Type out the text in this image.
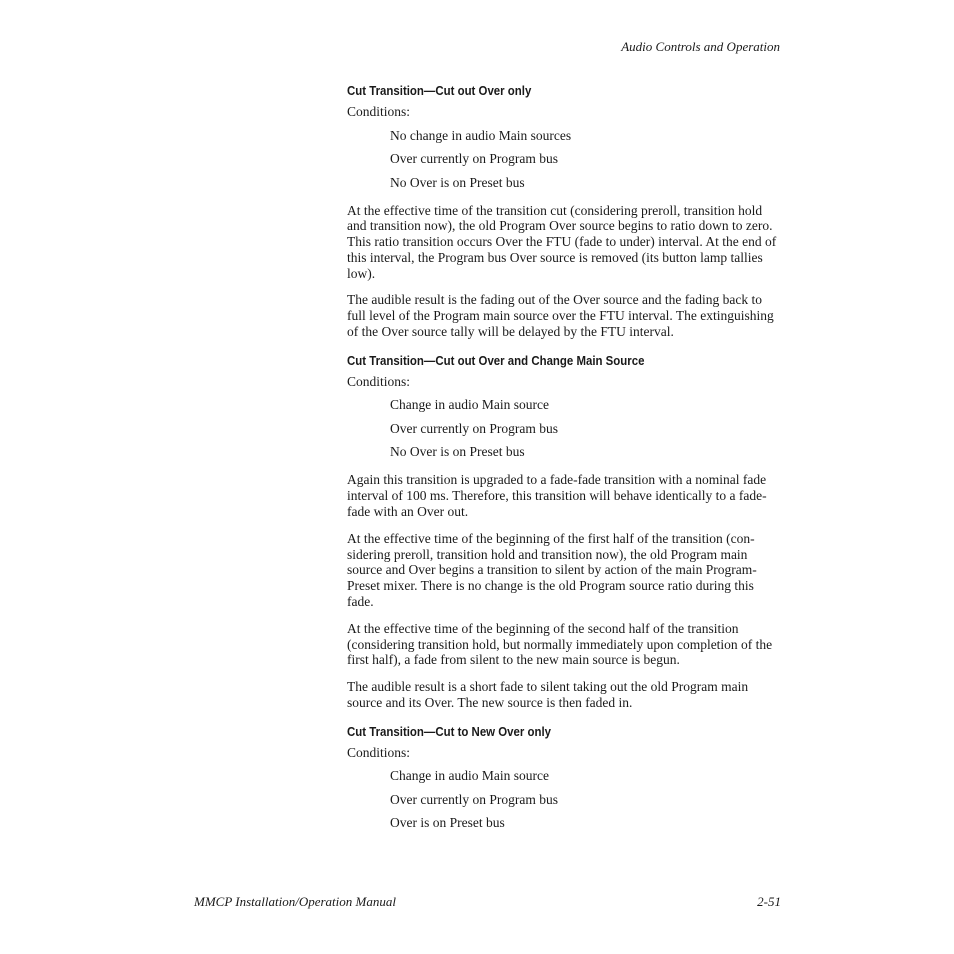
Audio Controls and Operation
Cut Transition—Cut out Over only
Conditions:
No change in audio Main sources
Over currently on Program bus
No Over is on Preset bus

At the effective time of the transition cut (considering preroll, transition hold and transition now), the old Program Over source begins to ratio down to zero. This ratio transition occurs Over the FTU (fade to under) interval. At the end of this interval, the Program bus Over source is removed (its button lamp tallies low).

The audible result is the fading out of the Over source and the fading back to full level of the Program main source over the FTU interval. The extinguishing of the Over source tally will be delayed by the FTU interval.

Cut Transition—Cut out Over and Change Main Source
Conditions:
Change in audio Main source
Over currently on Program bus
No Over is on Preset bus

Again this transition is upgraded to a fade-fade transition with a nominal fade interval of 100 ms. Therefore, this transition will behave identically to a fade-fade with an Over out.

At the effective time of the beginning of the first half of the transition (considering preroll, transition hold and transition now), the old Program main source and Over begins a transition to silent by action of the main Program-Preset mixer. There is no change is the old Program source ratio during this fade.

At the effective time of the beginning of the second half of the transition (considering transition hold, but normally immediately upon completion of the first half), a fade from silent to the new main source is begun.

The audible result is a short fade to silent taking out the old Program main source and its Over. The new source is then faded in.

Cut Transition—Cut to New Over only
Conditions:
Change in audio Main source
Over currently on Program bus
Over is on Preset bus
MMCP Installation/Operation Manual	2-51
